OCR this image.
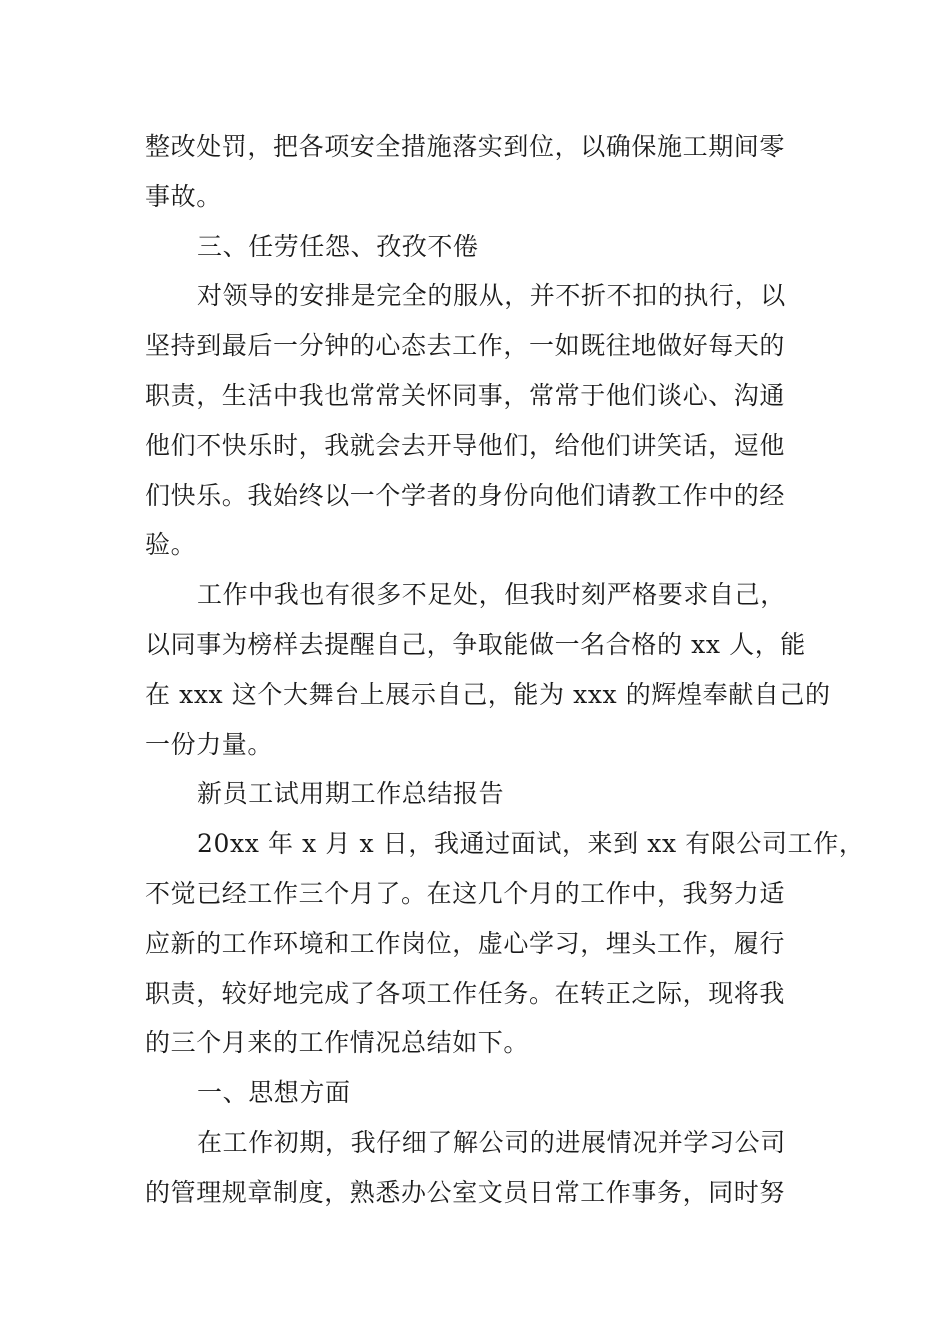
整改处罚，把各项安全措施落实到位，以确保施工期间零
事故。
三、任劳任怨、孜孜不倦
对领导的安排是完全的服从，并不折不扣的执行，以
坚持到最后一分钟的心态去工作，一如既往地做好每天的
职责，生活中我也常常关怀同事，常常于他们谈心、沟通
他们不快乐时，我就会去开导他们，给他们讲笑话，逗他
们快乐。我始终以一个学者的身份向他们请教工作中的经
验。
工作中我也有很多不足处，但我时刻严格要求自己，
以同事为榜样去提醒自己，争取能做一名合格的 xx 人，能
在 xxx 这个大舞台上展示自己，能为 xxx 的辉煌奉献自己的
一份力量。
新员工试用期工作总结报告
20xx 年 x 月 x 日，我通过面试，来到 xx 有限公司工作，
不觉已经工作三个月了。在这几个月的工作中，我努力适
应新的工作环境和工作岗位，虚心学习，埋头工作，履行
职责，较好地完成了各项工作任务。在转正之际，现将我
的三个月来的工作情况总结如下。
一、思想方面
在工作初期，我仔细了解公司的进展情况并学习公司
的管理规章制度，熟悉办公室文员日常工作事务，同时努
